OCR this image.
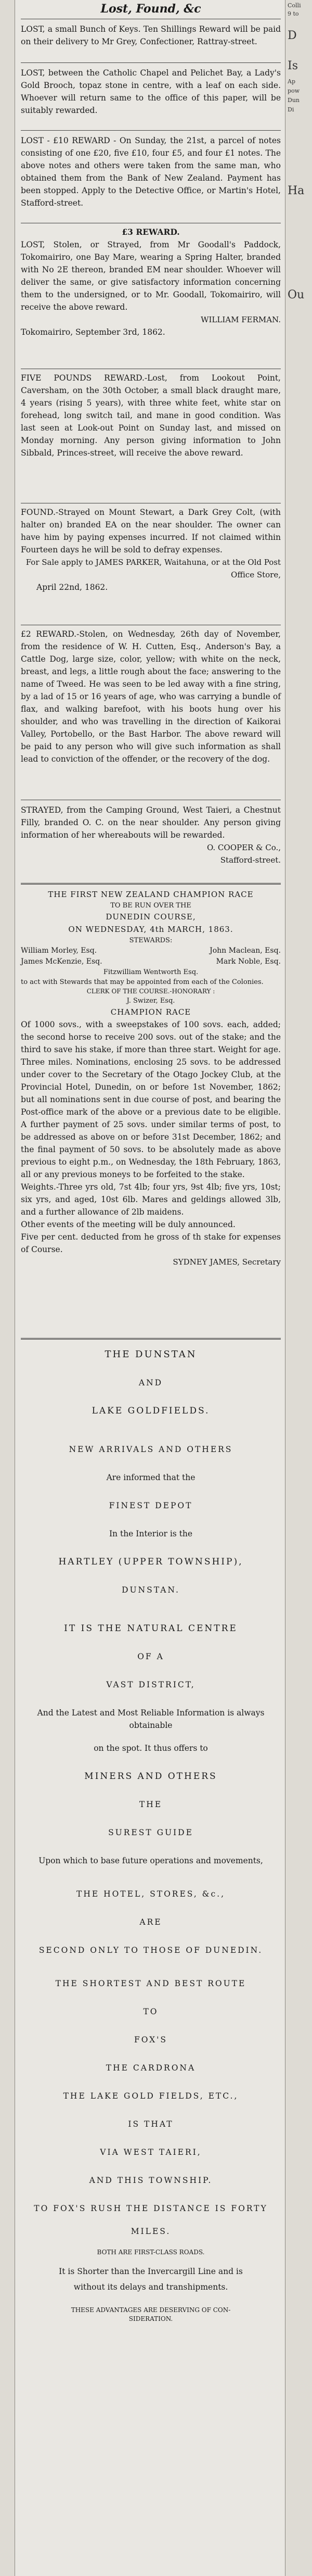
Colli
9 to
D
Is
Ap
pow
Dun
Di
Ha
Ou
Lost, Found, &c

LOST, a small Bunch of Keys. Ten Shillings Reward will be paid on their delivery to Mr Grey, Confectioner, Rattray-street.

LOST, between the Catholic Chapel and Pelichet Bay, a Lady's Gold Brooch, topaz stone in centre, with a leaf on each side. Whoever will return same to the office of this paper, will be suitably rewarded.

LOST - £10 REWARD - On Sunday, the 21st, a parcel of notes consisting of one £20, five £10, four £5, and four £1 notes. The above notes and others were taken from the same man, who obtained them from the Bank of New Zealand. Payment has been stopped. Apply to the Detective Office, or Martin's Hotel, Stafford-street.

£3 REWARD.

LOST, Stolen, or Strayed, from Mr Goodall's Paddock, Tokomairiro, one Bay Mare, wearing a Spring Halter, branded with No 2E thereon, branded EM near shoulder. Whoever will deliver the same, or give satisfactory information concerning them to the undersigned, or to Mr. Goodall, Tokomairiro, will receive the above reward.

WILLIAM FERMAN.

Tokomairiro, September 3rd, 1862.

FIVE POUNDS REWARD.-Lost, from Lookout Point, Caversham, on the 30th October, a small black draught mare, 4 years (rising 5 years), with three white feet, white star on forehead, long switch tail, and mane in good condition. Was last seen at Look-out Point on Sunday last, and missed on Monday morning. Any person giving information to John Sibbald, Princes-street, will receive the above reward.

FOUND.-Strayed on Mount Stewart, a Dark Grey Colt, (with halter on) branded EA on the near shoulder. The owner can have him by paying expenses incurred. If not claimed within Fourteen days he will be sold to defray expenses.

For Sale apply to JAMES PARKER, Waitahuna, or at the Old Post Office Store,

April 22nd, 1862.

£2 REWARD.-Stolen, on Wednesday, 26th day of November, from the residence of W. H. Cutten, Esq., Anderson's Bay, a Cattle Dog, large size, color, yellow; with white on the neck, breast, and legs, a little rough about the face; answering to the name of Tweed. He was seen to be led away with a fine string, by a lad of 15 or 16 years of age, who was carrying a bundle of flax, and walking barefoot, with his boots hung over his shoulder, and who was travelling in the direction of Kaikorai Valley, Portobello, or the Bast Harbor. The above reward will be paid to any person who will give such information as shall lead to conviction of the offender, or the recovery of the dog.

STRAYED, from the Camping Ground, West Taieri, a Chestnut Filly, branded O. C. on the near shoulder. Any person giving information of her whereabouts will be rewarded.

O. COOPER & Co.,

Stafford-street.

THE FIRST NEW ZEALAND CHAMPION RACE

TO BE RUN OVER THE

DUNEDIN COURSE,

ON WEDNESDAY, 4th MARCH, 1863.

STEWARDS:

William Morley, Esq.	John Maclean, Esq.
James McKenzie, Esq.	Mark Noble, Esq.

Fitzwilliam Wentworth Esq.

to act with Stewards that may be appointed from each of the Colonies.

CLERK OF THE COURSE.-HONORARY :

J. Swizer, Esq.

CHAMPION RACE

Of 1000 sovs., with a sweepstakes of 100 sovs. each, added; the second horse to receive 200 sovs. out of the stake; and the third to save his stake, if more than three start. Weight for age. Three miles. Nominations, enclosing 25 sovs. to be addressed under cover to the Secretary of the Otago Jockey Club, at the Provincial Hotel, Dunedin, on or before 1st November, 1862; but all nominations sent in due course of post, and bearing the Post-office mark of the above or a previous date to be eligible. A further payment of 25 sovs. under similar terms of post, to be addressed as above on or before 31st December, 1862; and the final payment of 50 sovs. to be absolutely made as above previous to eight p.m., on Wednesday, the 18th February, 1863, all or any previous moneys to be forfeited to the stake.

Weights.-Three yrs old, 7st 4lb; four yrs, 9st 4lb; five yrs, 10st; six yrs, and aged, 10st 6lb. Mares and geldings allowed 3lb, and a further allowance of 2lb maidens.

Other events of the meeting will be duly announced.

Five per cent. deducted from he gross of th stake for expenses of Course.

SYDNEY JAMES, Secretary

THE DUNSTAN

AND

LAKE GOLDFIELDS.

NEW ARRIVALS AND OTHERS

Are informed that the

FINEST DEPOT

In the Interior is the

HARTLEY (UPPER TOWNSHIP),

DUNSTAN.

IT IS THE NATURAL CENTRE

OF A

VAST DISTRICT,

And the Latest and Most Reliable Information is always obtainable

on the spot. It thus offers to

MINERS AND OTHERS

THE

SUREST GUIDE

Upon which to base future operations and movements,

THE HOTEL, STORES, &c.,

ARE

SECOND ONLY TO THOSE OF DUNEDIN.

THE SHORTEST AND BEST ROUTE

TO

FOX'S

THE CARDRONA

THE LAKE GOLD FIELDS, ETC.,

IS THAT

VIA WEST TAIERI,

AND THIS TOWNSHIP.

TO FOX'S RUSH THE DISTANCE IS FORTY

MILES.

BOTH ARE FIRST-CLASS ROADS.

It is Shorter than the Invercargill Line and is

without its delays and transhipments.

THESE ADVANTAGES ARE DESERVING OF CON-

SIDERATION.
